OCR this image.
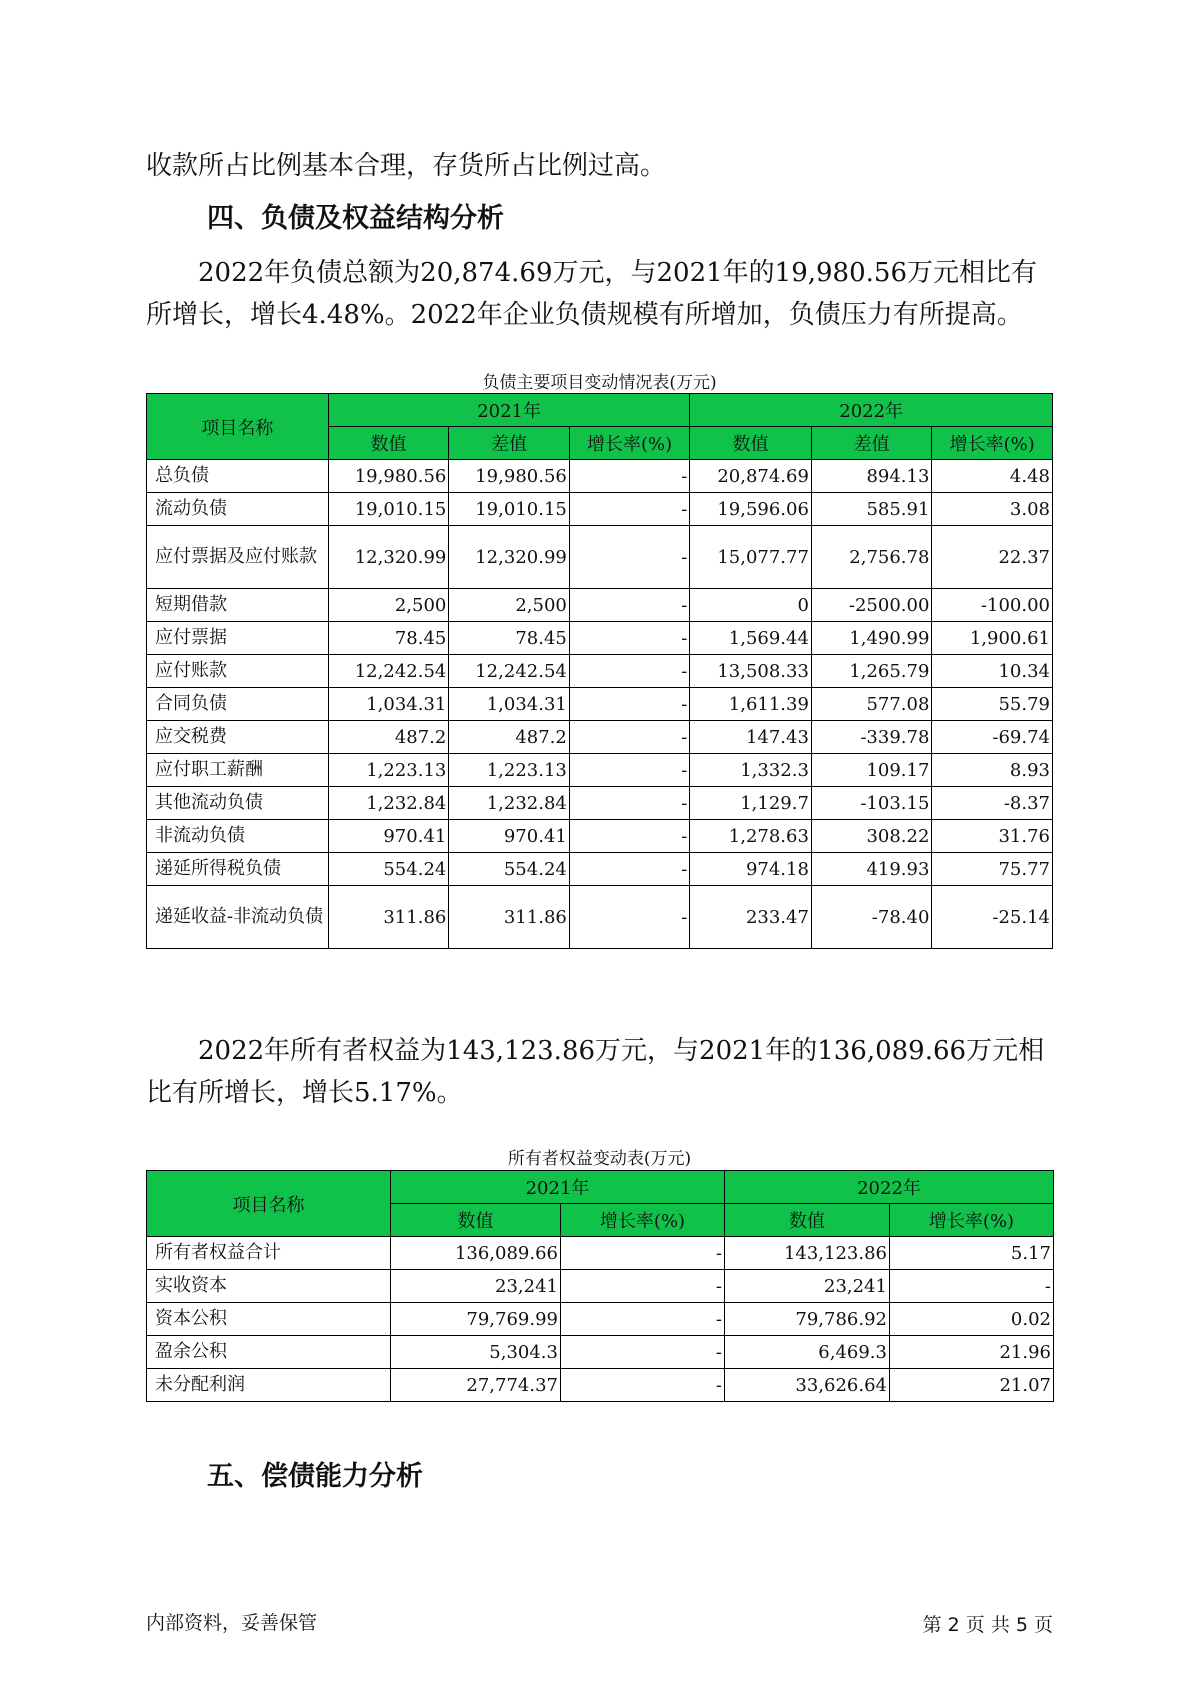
收款所占比例基本合理，存货所占比例过高。

四、负债及权益结构分析

2022年负债总额为20,874.69万元，与2021年的19,980.56万元相比有所增长，增长4.48%。2022年企业负债规模有所增加，负债压力有所提高。

负债主要项目变动情况表(万元)

项目名称	2021年			2022年		
	数值	差值	增长率(%)	数值	差值	增长率(%)
总负债	19,980.56	19,980.56	-	20,874.69	894.13	4.48
流动负债	19,010.15	19,010.15	-	19,596.06	585.91	3.08
应付票据及应付账款	12,320.99	12,320.99	-	15,077.77	2,756.78	22.37
短期借款	2,500	2,500	-	0	-2500.00	-100.00
应付票据	78.45	78.45	-	1,569.44	1,490.99	1,900.61
应付账款	12,242.54	12,242.54	-	13,508.33	1,265.79	10.34
合同负债	1,034.31	1,034.31	-	1,611.39	577.08	55.79
应交税费	487.2	487.2	-	147.43	-339.78	-69.74
应付职工薪酬	1,223.13	1,223.13	-	1,332.3	109.17	8.93
其他流动负债	1,232.84	1,232.84	-	1,129.7	-103.15	-8.37
非流动负债	970.41	970.41	-	1,278.63	308.22	31.76
递延所得税负债	554.24	554.24	-	974.18	419.93	75.77
递延收益-非流动负债	311.86	311.86	-	233.47	-78.40	-25.14

2022年所有者权益为143,123.86万元，与2021年的136,089.66万元相比有所增长，增长5.17%。

所有者权益变动表(万元)

项目名称	2021年		2022年	
	数值	增长率(%)	数值	增长率(%)
所有者权益合计	136,089.66	-	143,123.86	5.17
实收资本	23,241	-	23,241	-
资本公积	79,769.99	-	79,786.92	0.02
盈余公积	5,304.3	-	6,469.3	21.96
未分配利润	27,774.37	-	33,626.64	21.07
五、偿债能力分析
内部资料，妥善保管	第 2 页 共 5 页
